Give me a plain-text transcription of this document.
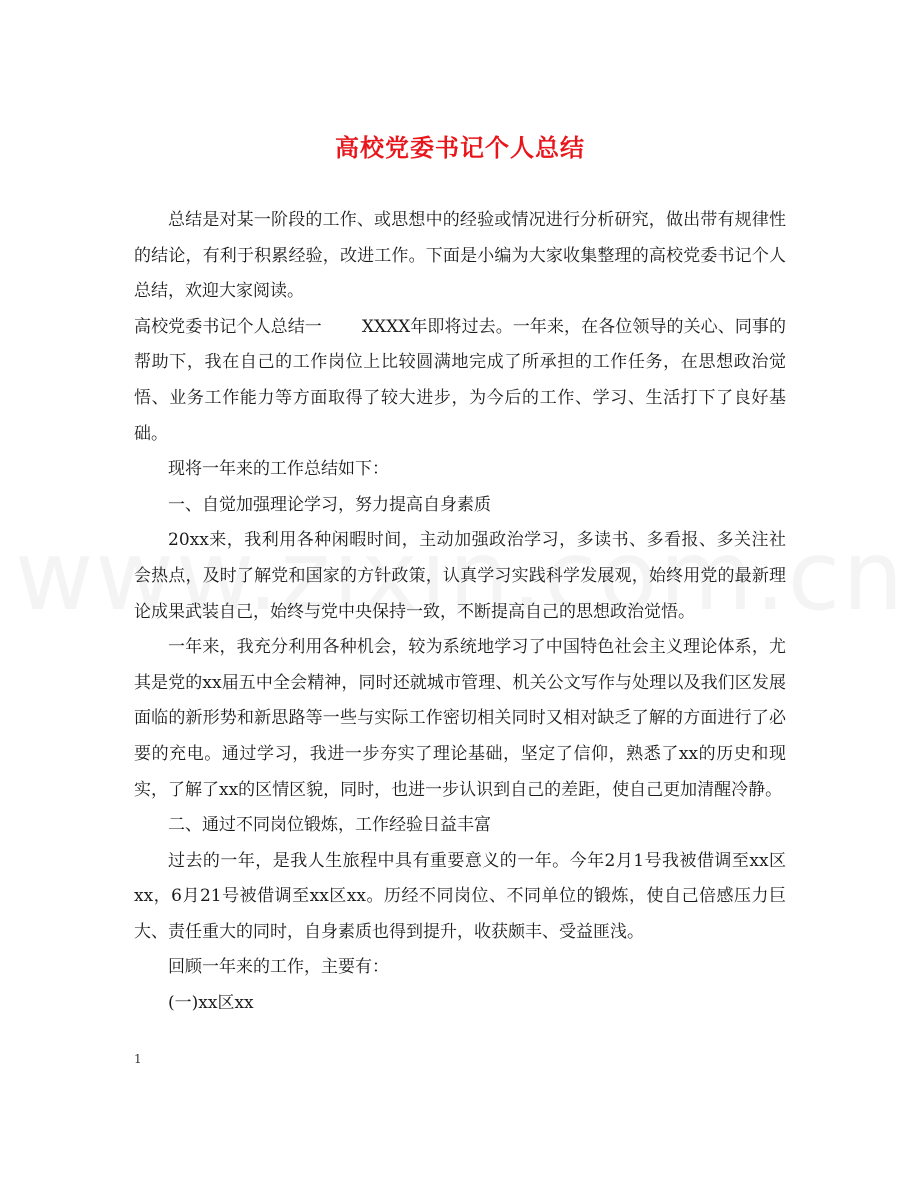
高校党委书记个人总结

总结是对某一阶段的工作、或思想中的经验或情况进行分析研究，做出带有规律性的结论，有利于积累经验，改进工作。下面是小编为大家收集整理的高校党委书记个人总结，欢迎大家阅读。

高校党委书记个人总结一 XXXX年即将过去。一年来，在各位领导的关心、同事的帮助下，我在自己的工作岗位上比较圆满地完成了所承担的工作任务，在思想政治觉悟、业务工作能力等方面取得了较大进步，为今后的工作、学习、生活打下了良好基础。

现将一年来的工作总结如下：

一、自觉加强理论学习，努力提高自身素质

20xx来，我利用各种闲暇时间，主动加强政治学习，多读书、多看报、多关注社会热点，及时了解党和国家的方针政策，认真学习实践科学发展观，始终用党的最新理论成果武装自己，始终与党中央保持一致，不断提高自己的思想政治觉悟。

一年来，我充分利用各种机会，较为系统地学习了中国特色社会主义理论体系，尤其是党的xx届五中全会精神，同时还就城市管理、机关公文写作与处理以及我们区发展面临的新形势和新思路等一些与实际工作密切相关同时又相对缺乏了解的方面进行了必要的充电。通过学习，我进一步夯实了理论基础，坚定了信仰，熟悉了xx的历史和现实，了解了xx的区情区貌，同时，也进一步认识到自己的差距，使自己更加清醒冷静。

二、通过不同岗位锻炼，工作经验日益丰富

过去的一年，是我人生旅程中具有重要意义的一年。今年2月1号我被借调至xx区xx，6月21号被借调至xx区xx。历经不同岗位、不同单位的锻炼，使自己倍感压力巨大、责任重大的同时，自身素质也得到提升，收获颇丰、受益匪浅。

回顾一年来的工作，主要有：

(一)xx区xx

1
